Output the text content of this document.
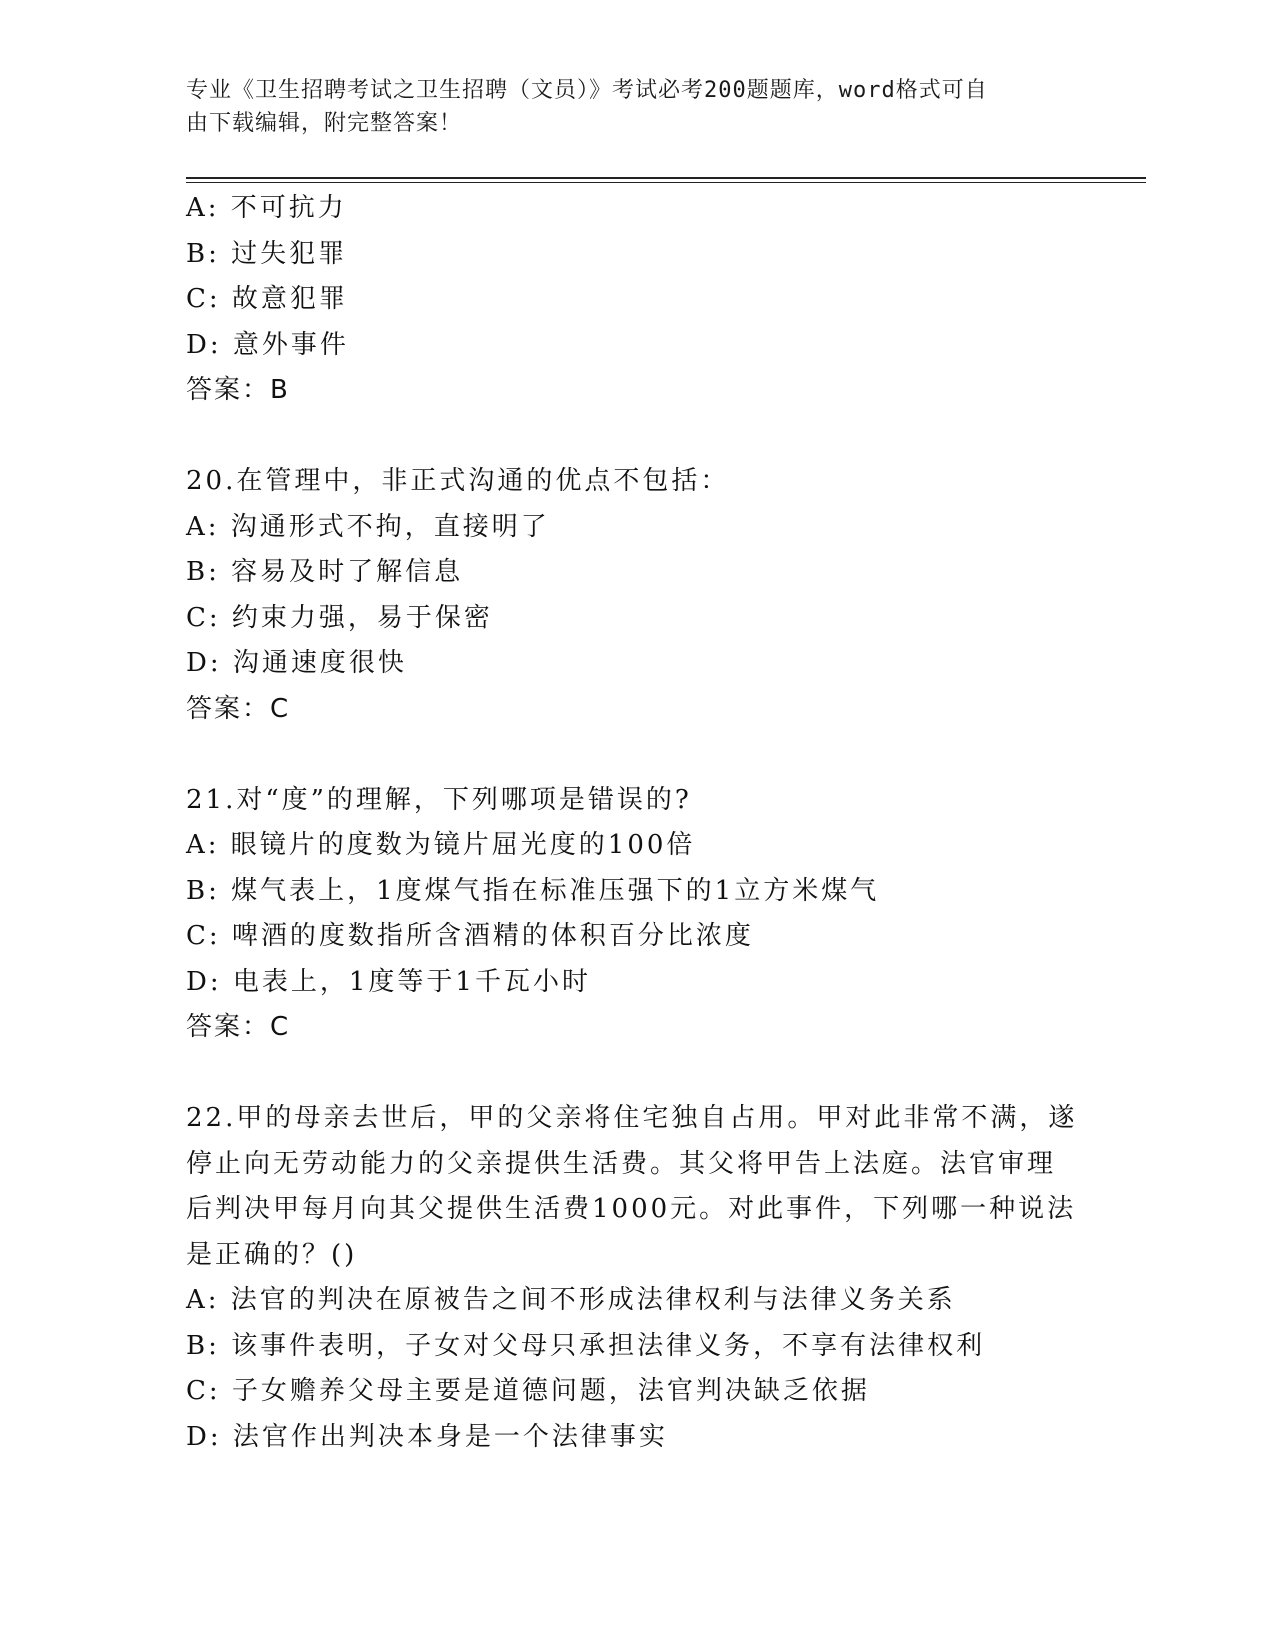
专业《卫生招聘考试之卫生招聘（文员）》考试必考200题题库，word格式可自
由下载编辑，附完整答案！
A: 不可抗力
B: 过失犯罪
C: 故意犯罪
D: 意外事件
答案：B
20.在管理中，非正式沟通的优点不包括：
A: 沟通形式不拘，直接明了
B: 容易及时了解信息
C: 约束力强，易于保密
D: 沟通速度很快
答案：C
21.对“度”的理解，下列哪项是错误的?
A: 眼镜片的度数为镜片屈光度的100倍
B: 煤气表上，1度煤气指在标准压强下的1立方米煤气
C: 啤酒的度数指所含酒精的体积百分比浓度
D: 电表上，1度等于1千瓦小时
答案：C
22.甲的母亲去世后，甲的父亲将住宅独自占用。甲对此非常不满，遂
停止向无劳动能力的父亲提供生活费。其父将甲告上法庭。法官审理
后判决甲每月向其父提供生活费1000元。对此事件，下列哪一种说法
是正确的？()
A: 法官的判决在原被告之间不形成法律权利与法律义务关系
B: 该事件表明，子女对父母只承担法律义务，不享有法律权利
C: 子女赡养父母主要是道德问题，法官判决缺乏依据
D: 法官作出判决本身是一个法律事实
